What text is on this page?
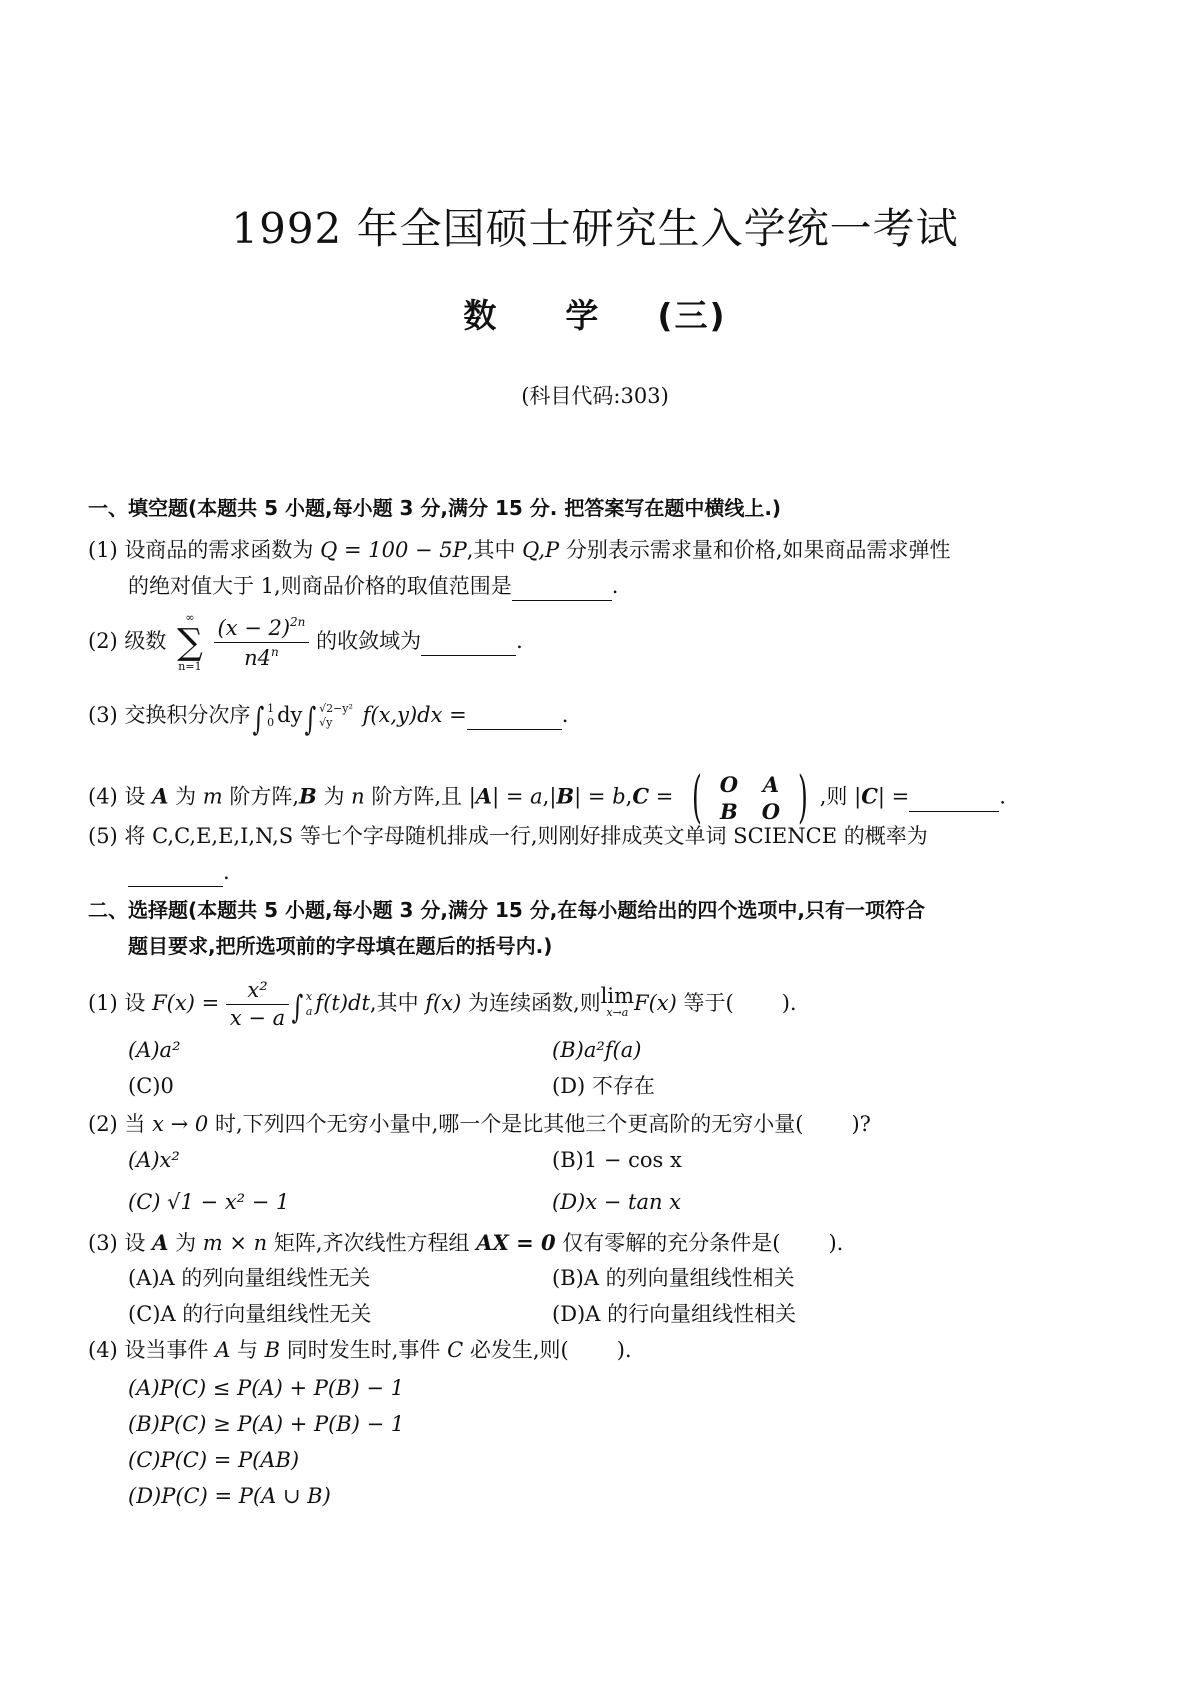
1992 年全国硕士研究生入学统一考试
数 学 (三)
(科目代码:303)
一、填空题(本题共 5 小题,每小题 3 分,满分 15 分. 把答案写在题中横线上.)
(1) 设商品的需求函数为 Q = 100 − 5P,其中 Q,P 分别表示需求量和价格,如果商品需求弹性
的绝对值大于 1,则商品价格的取值范围是	.
(2) 级数
∞
∑
n=1
$\frac{(x - 2)^{2n}}{n4^n}$ 的收敛域为	.
(3) 交换积分次序∫ 1
0 dy∫ √2−y²
√y	f(x,y)dx =	.
(4) 设 A 为 m 阶方阵,B 为 n 阶方阵,且 |A| = a,|B| = b,C = ( O	A
B	O ) ,则 |C| =	.
(5) 将 C,C,E,E,I,N,S 等七个字母随机排成一行,则刚好排成英文单词 SCIENCE 的概率为
.
二、选择题(本题共 5 小题,每小题 3 分,满分 15 分,在每小题给出的四个选项中,只有一项符合
题目要求,把所选项前的字母填在题后的括号内.)
(1) 设 $F(x) = \frac{\text{x²}}{x - a}$ ∫ x
a f(t)dt,其中 f(x) 为连续函数,则 lim
x→a F(x) 等于( ).
(A)a²	(B)a²f(a)
(C)0	(D) 不存在
(2) 当 x → 0 时,下列四个无穷小量中,哪一个是比其他三个更高阶的无穷小量( )?
(A)x²	(B)1 − cos x
(C) √1 − x² − 1	(D)x − tan x
(3) 设 A 为 m × n 矩阵,齐次线性方程组 AX = 0 仅有零解的充分条件是( ).
(A)A 的列向量组线性无关	(B)A 的列向量组线性相关
(C)A 的行向量组线性无关	(D)A 的行向量组线性相关
(4) 设当事件 A 与 B 同时发生时,事件 C 必发生,则( ).
(A)P(C) ≤ P(A) + P(B) − 1
(B)P(C) ≥ P(A) + P(B) − 1
(C)P(C) = P(AB)
(D)P(C) = P(A ∪ B)
